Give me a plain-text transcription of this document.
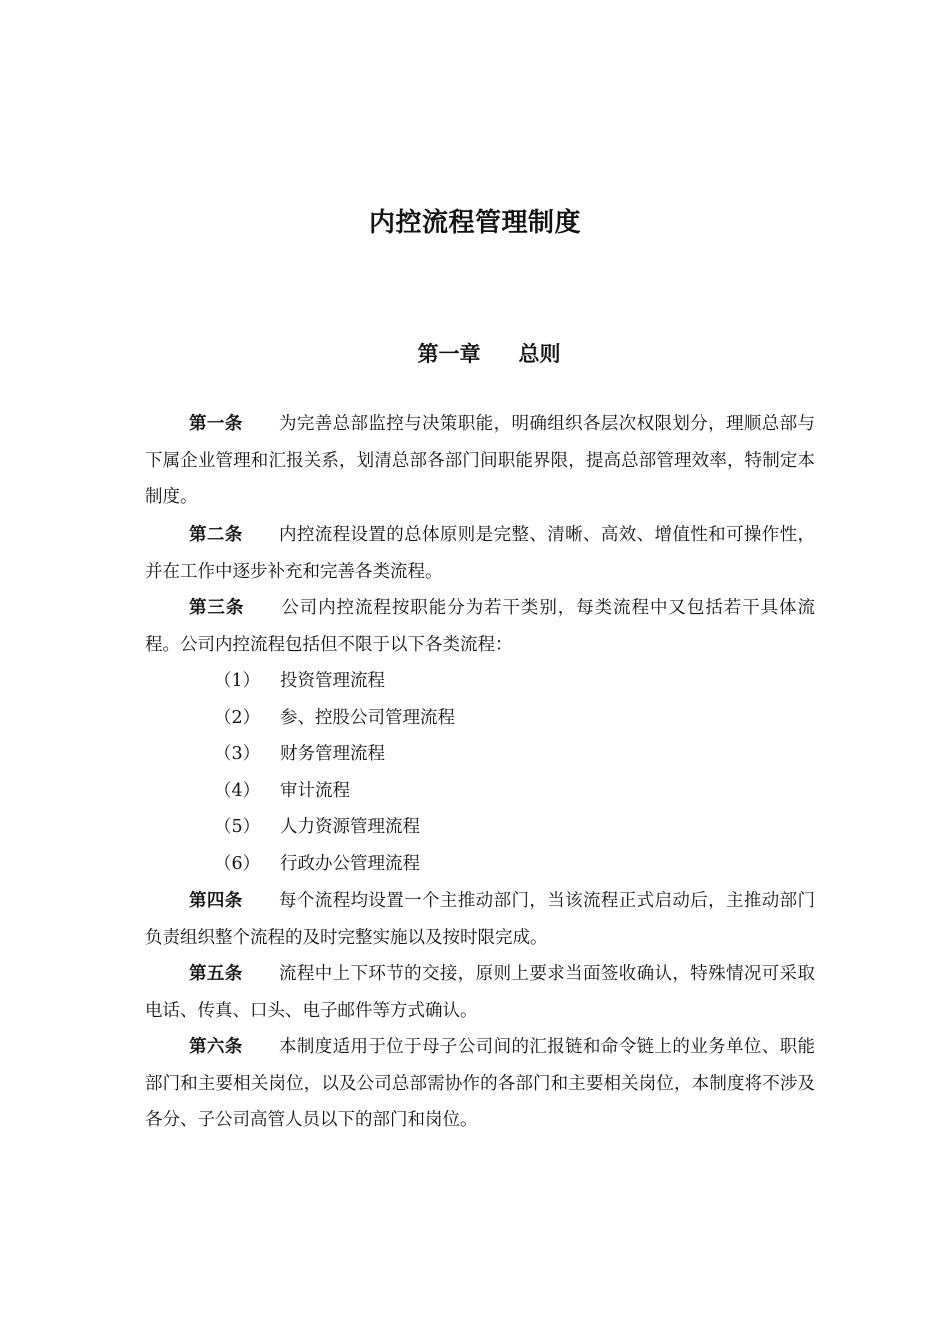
内控流程管理制度
第一章 总则
第一条 为完善总部监控与决策职能，明确组织各层次权限划分，理顺总部与下属企业管理和汇报关系，划清总部各部门间职能界限，提高总部管理效率，特制定本制度。
第二条 内控流程设置的总体原则是完整、清晰、高效、增值性和可操作性，并在工作中逐步补充和完善各类流程。
第三条 公司内控流程按职能分为若干类别，每类流程中又包括若干具体流程。公司内控流程包括但不限于以下各类流程：
（1） 投资管理流程
（2） 参、控股公司管理流程
（3） 财务管理流程
（4） 审计流程
（5） 人力资源管理流程
（6） 行政办公管理流程
第四条 每个流程均设置一个主推动部门，当该流程正式启动后，主推动部门负责组织整个流程的及时完整实施以及按时限完成。
第五条 流程中上下环节的交接，原则上要求当面签收确认，特殊情况可采取电话、传真、口头、电子邮件等方式确认。
第六条 本制度适用于位于母子公司间的汇报链和命令链上的业务单位、职能部门和主要相关岗位，以及公司总部需协作的各部门和主要相关岗位，本制度将不涉及各分、子公司高管人员以下的部门和岗位。
